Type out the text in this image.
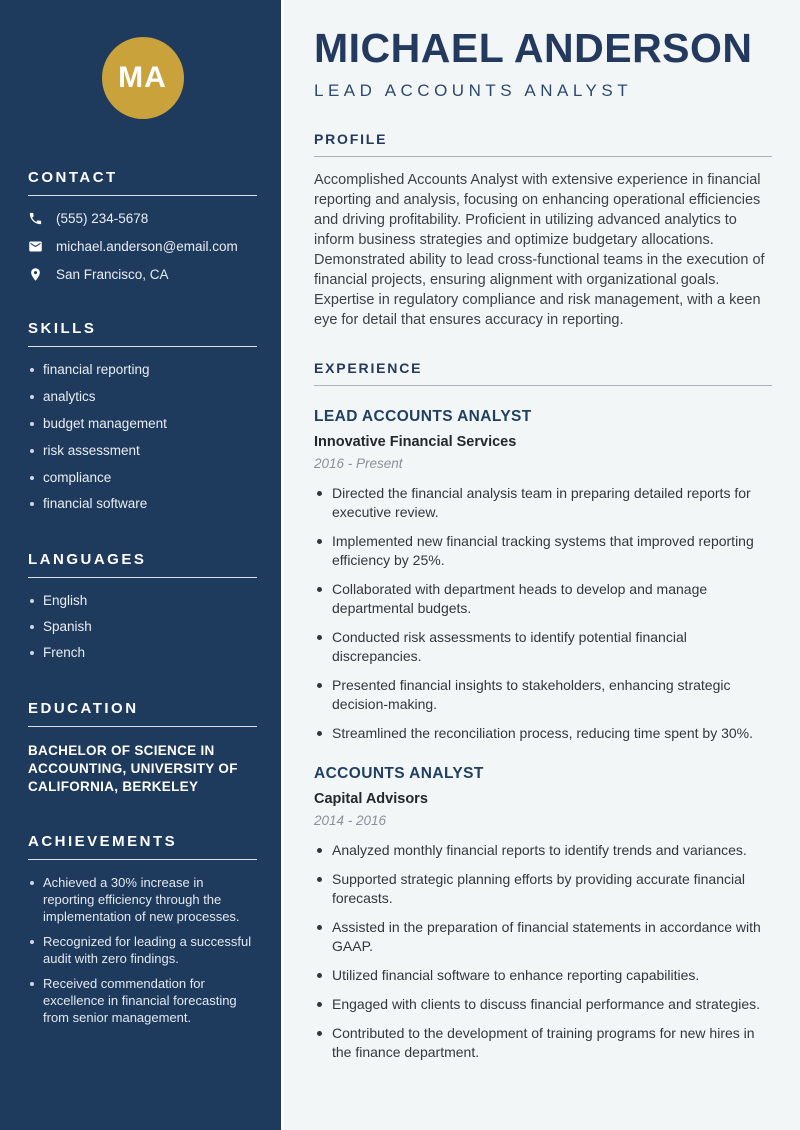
MA
CONTACT
(555) 234-5678
michael.anderson@email.com
San Francisco, CA
SKILLS
financial reporting
analytics
budget management
risk assessment
compliance
financial software
LANGUAGES
English
Spanish
French
EDUCATION

BACHELOR OF SCIENCE IN ACCOUNTING, UNIVERSITY OF CALIFORNIA, BERKELEY

ACHIEVEMENTS
Achieved a 30% increase in reporting efficiency through the implementation of new processes.
Recognized for leading a successful audit with zero findings.
Received commendation for excellence in financial forecasting from senior management.
MICHAEL ANDERSON

LEAD ACCOUNTS ANALYST

PROFILE

Accomplished Accounts Analyst with extensive experience in financial reporting and analysis, focusing on enhancing operational efficiencies and driving profitability. Proficient in utilizing advanced analytics to inform business strategies and optimize budgetary allocations. Demonstrated ability to lead cross-functional teams in the execution of financial projects, ensuring alignment with organizational goals. Expertise in regulatory compliance and risk management, with a keen eye for detail that ensures accuracy in reporting.

EXPERIENCE
LEAD ACCOUNTS ANALYST

Innovative Financial Services

2016 - Present

Directed the financial analysis team in preparing detailed reports for executive review.
Implemented new financial tracking systems that improved reporting efficiency by 25%.
Collaborated with department heads to develop and manage departmental budgets.
Conducted risk assessments to identify potential financial discrepancies.
Presented financial insights to stakeholders, enhancing strategic decision-making.
Streamlined the reconciliation process, reducing time spent by 30%.
ACCOUNTS ANALYST

Capital Advisors

2014 - 2016

Analyzed monthly financial reports to identify trends and variances.
Supported strategic planning efforts by providing accurate financial forecasts.
Assisted in the preparation of financial statements in accordance with GAAP.
Utilized financial software to enhance reporting capabilities.
Engaged with clients to discuss financial performance and strategies.
Contributed to the development of training programs for new hires in the finance department.
